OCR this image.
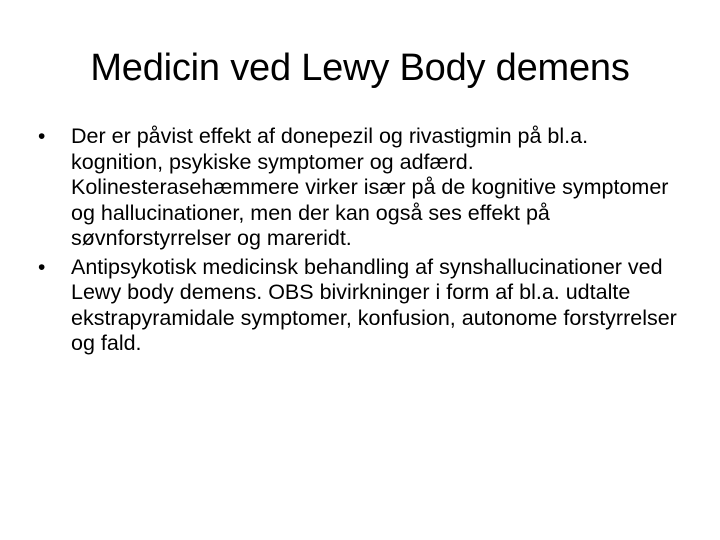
Medicin ved Lewy Body demens
• Der er påvist effekt af donepezil og rivastigmin på bl.a. kognition, psykiske symptomer og adfærd. Kolinesterasehæmmere virker især på de kognitive symptomer og hallucinationer, men der kan også ses effekt på søvnforstyrrelser og mareridt.
• Antipsykotisk medicinsk behandling af synshallucinationer ved Lewy body demens. OBS bivirkninger i form af bl.a. udtalte ekstrapyramidale symptomer, konfusion, autonome forstyrrelser og fald.
